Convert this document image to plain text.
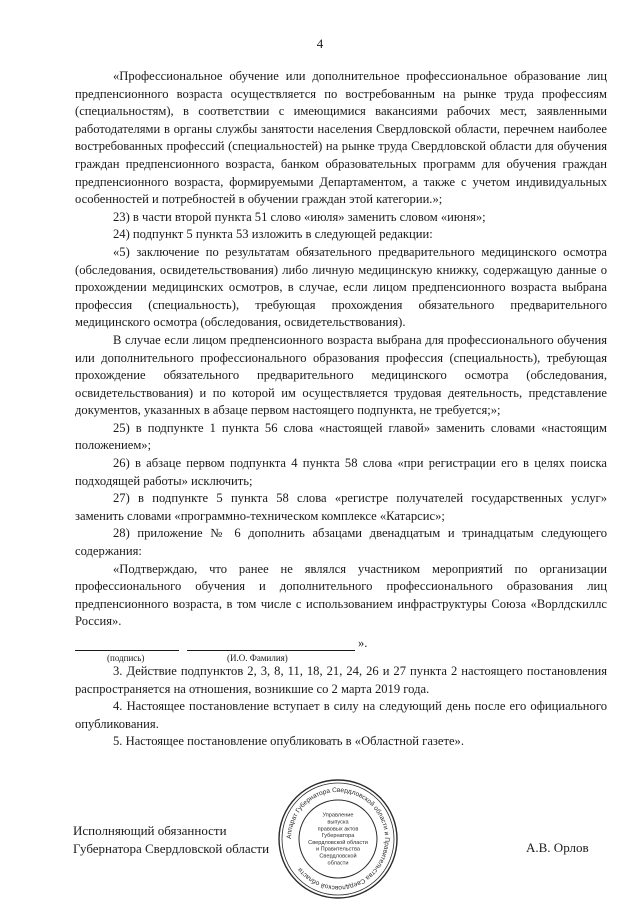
4

«Профессиональное обучение или дополнительное профессиональное образование лиц предпенсионного возраста осуществляется по востребованным на рынке труда профессиям (специальностям), в соответствии с имеющимися вакансиями рабочих мест, заявленными работодателями в органы службы занятости населения Свердловской области, перечнем наиболее востребованных профессий (специальностей) на рынке труда Свердловской области для обучения граждан предпенсионного возраста, банком образовательных программ для обучения граждан предпенсионного возраста, формируемыми Департаментом, а также с учетом индивидуальных особенностей и потребностей в обучении граждан этой категории.»;

23) в части второй пункта 51 слово «июля» заменить словом «июня»;

24) подпункт 5 пункта 53 изложить в следующей редакции:

«5) заключение по результатам обязательного предварительного медицинского осмотра (обследования, освидетельствования) либо личную медицинскую книжку, содержащую данные о прохождении медицинских осмотров, в случае, если лицом предпенсионного возраста выбрана профессия (специальность), требующая прохождения обязательного предварительного медицинского осмотра (обследования, освидетельствования).

В случае если лицом предпенсионного возраста выбрана для профессионального обучения или дополнительного профессионального образования профессия (специальность), требующая прохождение обязательного предварительного медицинского осмотра (обследования, освидетельствования) и по которой им осуществляется трудовая деятельность, представление документов, указанных в абзаце первом настоящего подпункта, не требуется;»;

25) в подпункте 1 пункта 56 слова «настоящей главой» заменить словами «настоящим положением»;

26) в абзаце первом подпункта 4 пункта 58 слова «при регистрации его в целях поиска подходящей работы» исключить;

27) в подпункте 5 пункта 58 слова «регистре получателей государственных услуг» заменить словами «программно-техническом комплексе «Катарсис»;

28) приложение № 6 дополнить абзацами двенадцатым и тринадцатым следующего содержания:

«Подтверждаю, что ранее не являлся участником мероприятий по организации профессионального обучения и дополнительного профессионального образования лиц предпенсионного возраста, в том числе с использованием инфраструктуры Союза «Ворлдскиллс Россия».

».
(подпись)	(И.О. Фамилия)

3. Действие подпунктов 2, 3, 8, 11, 18, 21, 24, 26 и 27 пункта 2 настоящего постановления распространяется на отношения, возникшие со 2 марта 2019 года.

4. Настоящее постановление вступает в силу на следующий день после его официального опубликования.

5. Настоящее постановление опубликовать в «Областной газете».

Исполняющий обязанности
Губернатора Свердловской области	А.В. Орлов
Аппарат Губернатора Свердловской области и Правительства Свердловской области
Управление
выпуска
правовых актов
Губернатора
Свердловской области
и Правительства
Свердловской
области
